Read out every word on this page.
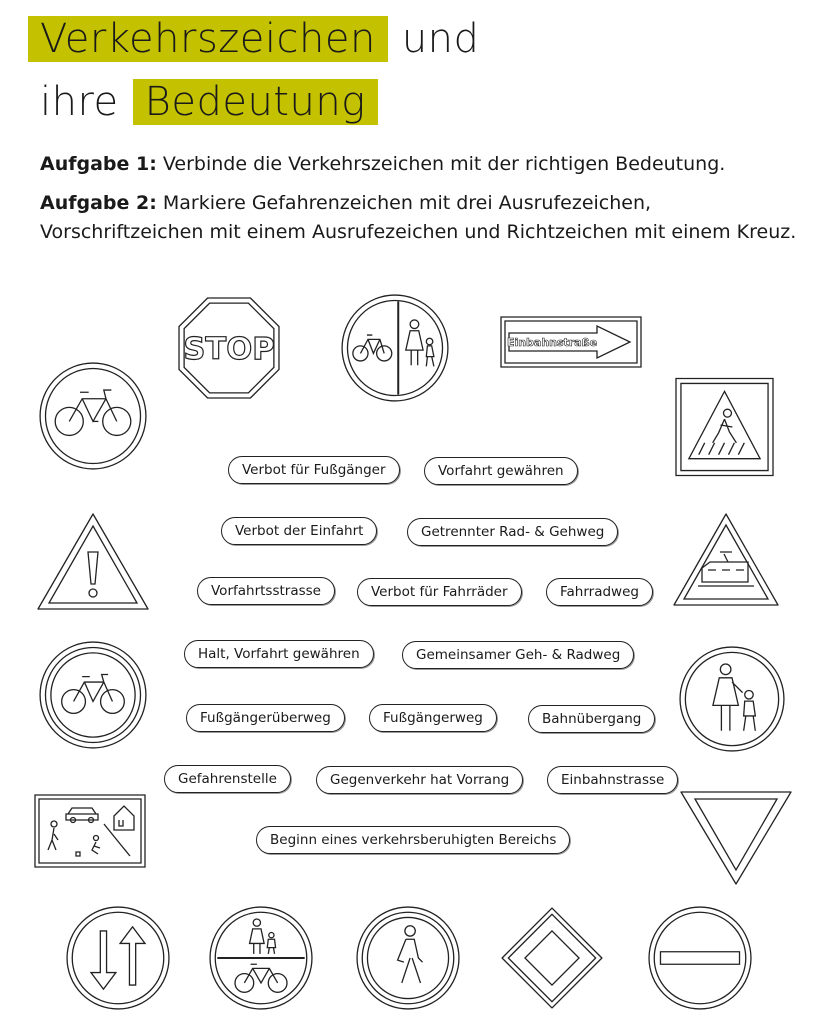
Verkehrszeichen und
ihre Bedeutung
Aufgabe 1: Verbinde die Verkehrszeichen mit der richtigen Bedeutung.
Aufgabe 2: Markiere Gefahrenzeichen mit drei Ausrufezeichen, Vorschriftzeichen mit einem Ausrufezeichen und Richtzeichen mit einem Kreuz.
STOP	Einbahnstraße
Verbot für Fußgänger	Vorfahrt gewähren
Verbot der Einfahrt	Getrennter Rad- & Gehweg
Vorfahrtsstrasse	Verbot für Fahrräder	Fahrradweg
Halt, Vorfahrt gewähren	Gemeinsamer Geh- & Radweg
Fußgängerüberweg	Fußgängerweg	Bahnübergang
Gefahrenstelle	Gegenverkehr hat Vorrang	Einbahnstrasse
Beginn eines verkehrsberuhigten Bereichs
